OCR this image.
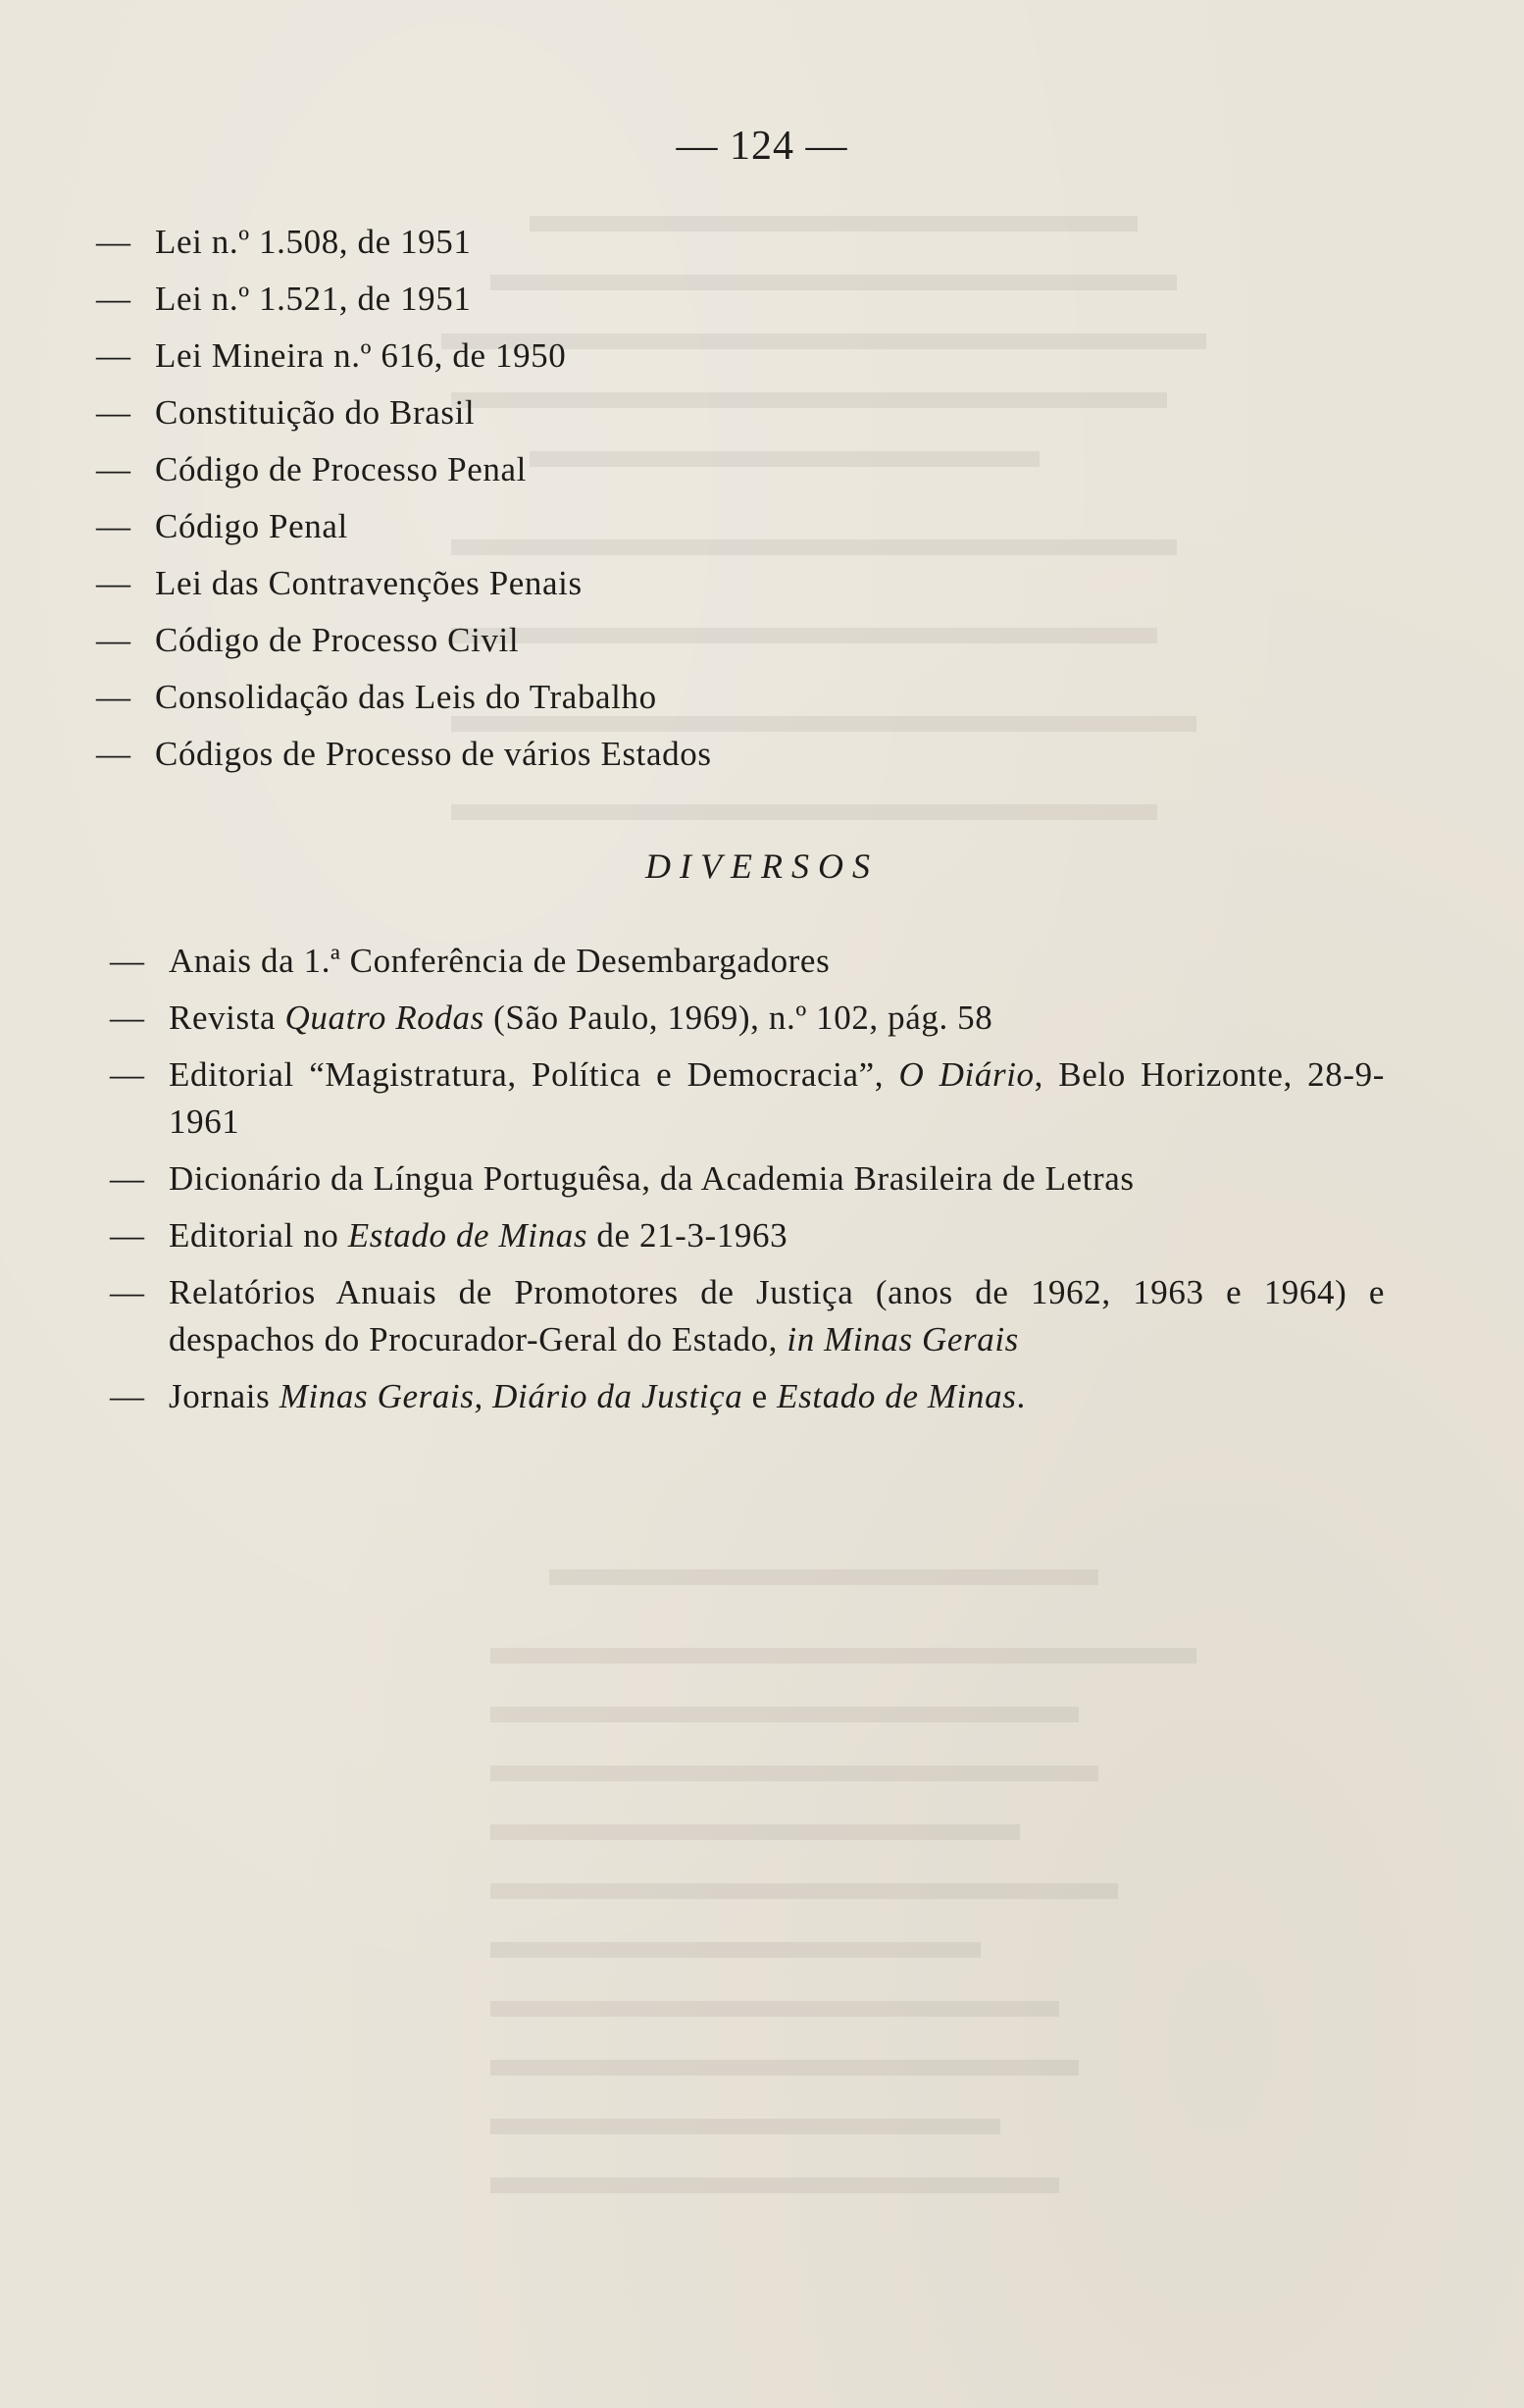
— 124 —

— Lei n.º 1.508, de 1951

— Lei n.º 1.521, de 1951

— Lei Mineira n.º 616, de 1950

— Constituição do Brasil

— Código de Processo Penal

— Código Penal

— Lei das Contravenções Penais

— Código de Processo Civil

— Consolidação das Leis do Trabalho

— Códigos de Processo de vários Estados

DIVERSOS

— Anais da 1.ª Conferência de Desembargadores

— Revista Quatro Rodas (São Paulo, 1969), n.º 102, pág. 58

— Editorial “Magistratura, Política e Democracia”, O Diário, Belo Horizonte, 28-9-1961

— Dicionário da Língua Portuguêsa, da Academia Brasileira de Letras

— Editorial no Estado de Minas de 21-3-1963

— Relatórios Anuais de Promotores de Justiça (anos de 1962, 1963 e 1964) e despachos do Procurador-Geral do Estado, in Minas Gerais

— Jornais Minas Gerais, Diário da Justiça e Estado de Minas.
